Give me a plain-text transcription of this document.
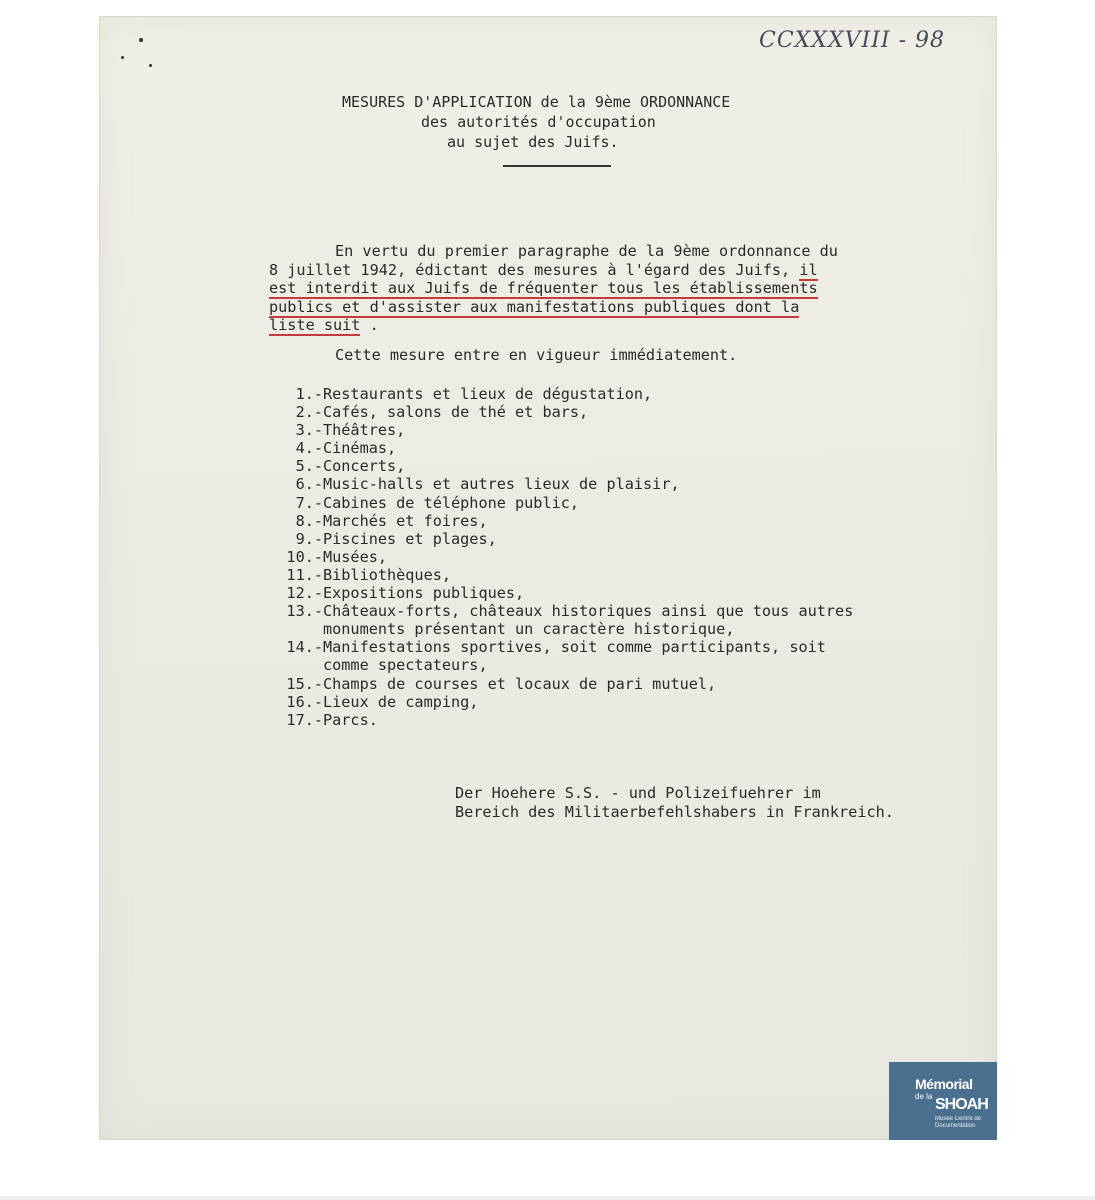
CCXXXVIII - 98
MESURES D'APPLICATION de la 9ème ORDONNANCE
des autorités d'occupation
au sujet des Juifs.
En vertu du premier paragraphe de la 9ème ordonnance du
8 juillet 1942, édictant des mesures à l'égard des Juifs, il
est interdit aux Juifs de fréquenter tous les établissements
publics et d'assister aux manifestations publiques dont la
liste suit .
Cette mesure entre en vigueur immédiatement.
1.- Restaurants et lieux de dégustation,
2.- Cafés, salons de thé et bars,
3.- Théâtres,
4.- Cinémas,
5.- Concerts,
6.- Music-halls et autres lieux de plaisir,
7.- Cabines de téléphone public,
8.- Marchés et foires,
9.- Piscines et plages,
10.- Musées,
11.- Bibliothèques,
12.- Expositions publiques,
13.- Châteaux-forts, châteaux historiques ainsi que tous autres
monuments présentant un caractère historique,
14.- Manifestations sportives, soit comme participants, soit
comme spectateurs,
15.- Champs de courses et locaux de pari mutuel,
16.- Lieux de camping,
17.- Parcs.
Der Hoehere S.S. - und Polizeifuehrer im
Bereich des Militaerbefehlshabers in Frankreich.
Mémorial
de la SHOAH
Musée Centre de Documentation
